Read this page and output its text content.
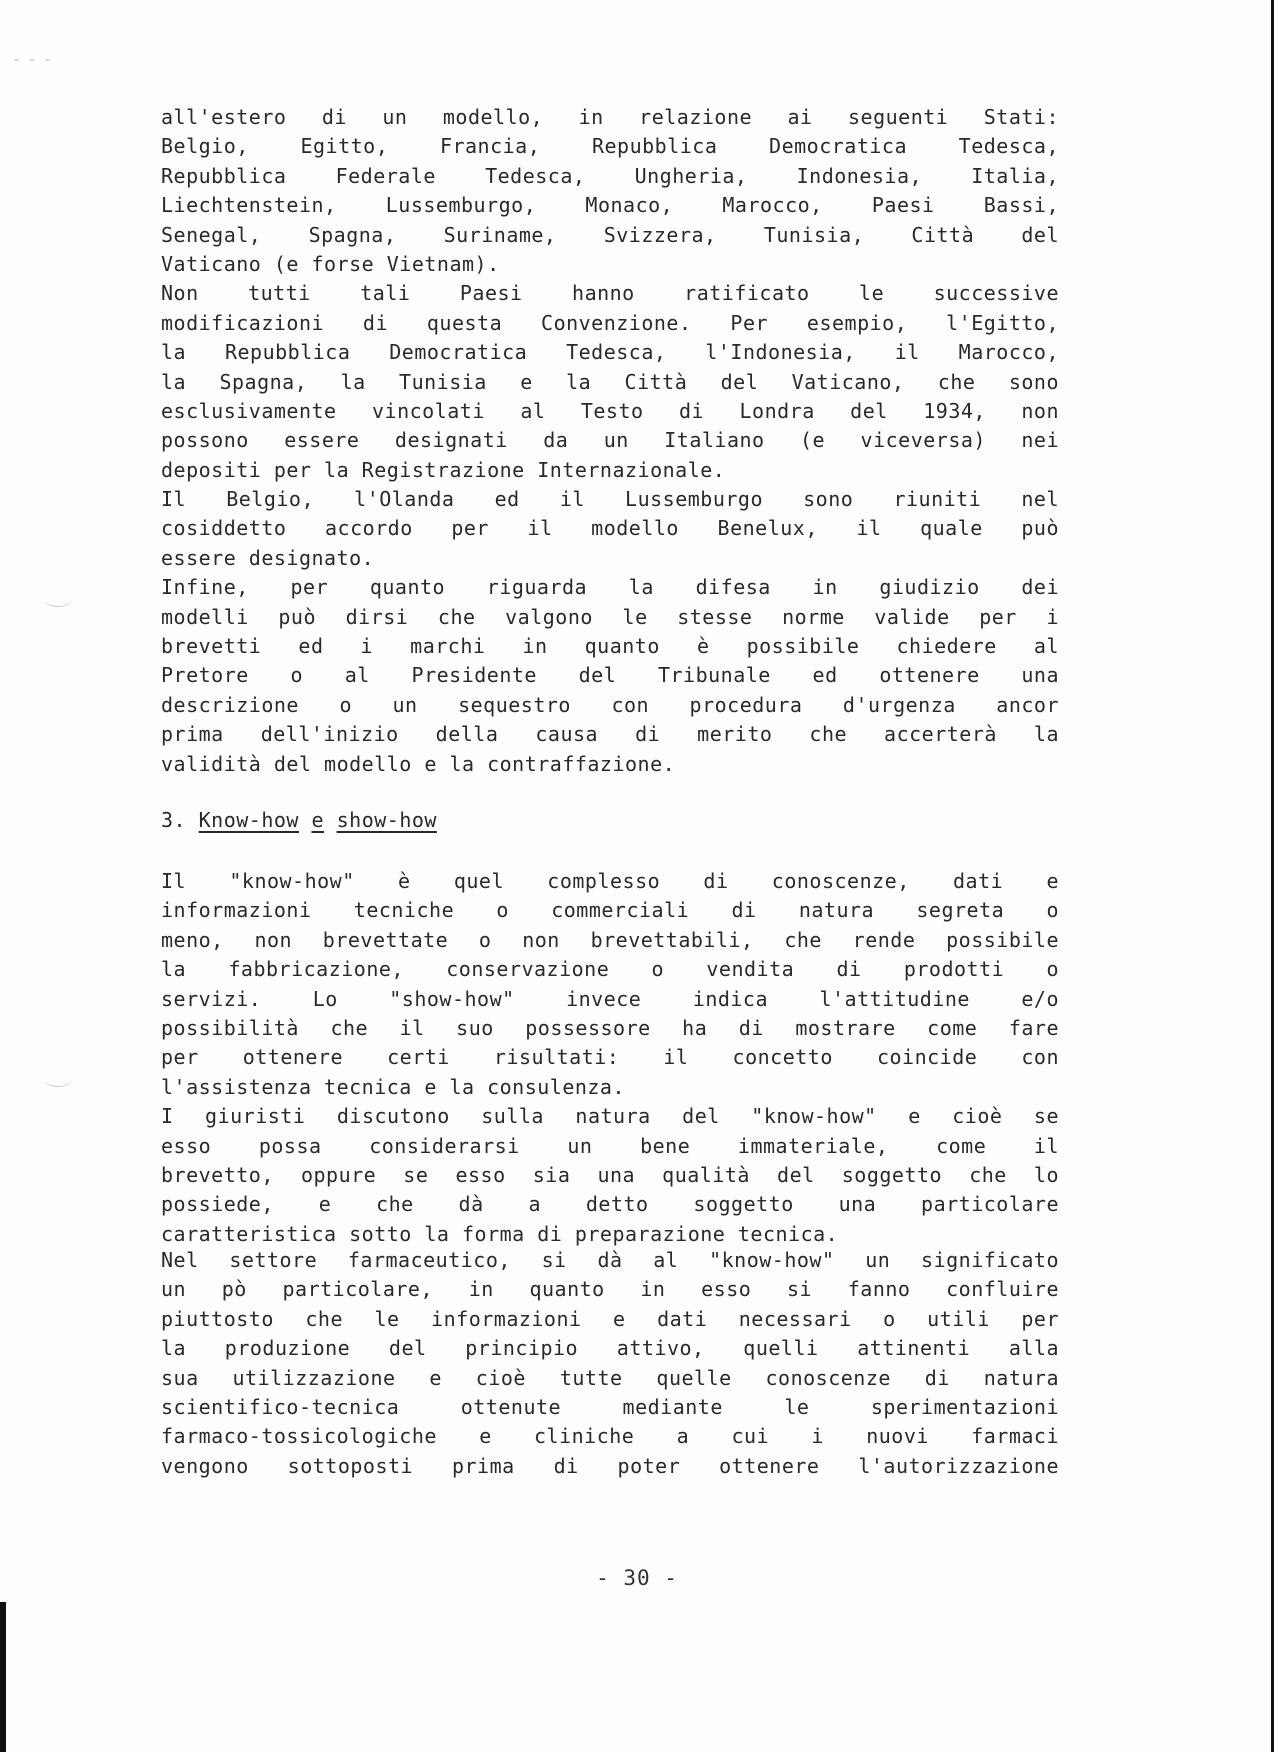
- - -
all'estero di un modello, in relazione ai seguenti Stati:
Belgio, Egitto, Francia, Repubblica Democratica Tedesca,
Repubblica Federale Tedesca, Ungheria, Indonesia, Italia,
Liechtenstein, Lussemburgo, Monaco, Marocco, Paesi Bassi,
Senegal, Spagna, Suriname, Svizzera, Tunisia, Città del
Vaticano (e forse Vietnam).
Non tutti tali Paesi hanno ratificato le successive
modificazioni di questa Convenzione. Per esempio, l'Egitto,
la Repubblica Democratica Tedesca, l'Indonesia, il Marocco,
la Spagna, la Tunisia e la Città del Vaticano, che sono
esclusivamente vincolati al Testo di Londra del 1934, non
possono essere designati da un Italiano (e viceversa) nei
depositi per la Registrazione Internazionale.
Il Belgio, l'Olanda ed il Lussemburgo sono riuniti nel
cosiddetto accordo per il modello Benelux, il quale può
essere designato.
Infine, per quanto riguarda la difesa in giudizio dei
modelli può dirsi che valgono le stesse norme valide per i
brevetti ed i marchi in quanto è possibile chiedere al
Pretore o al Presidente del Tribunale ed ottenere una
descrizione o un sequestro con procedura d'urgenza ancor
prima dell'inizio della causa di merito che accerterà la
validità del modello e la contraffazione.
3. Know-how e show-how
Il "know-how" è quel complesso di conoscenze, dati e
informazioni tecniche o commerciali di natura segreta o
meno, non brevettate o non brevettabili, che rende possibile
la fabbricazione, conservazione o vendita di prodotti o
servizi. Lo "show-how" invece indica l'attitudine e/o
possibilità che il suo possessore ha di mostrare come fare
per ottenere certi risultati: il concetto coincide con
l'assistenza tecnica e la consulenza.
I giuristi discutono sulla natura del "know-how" e cioè se
esso possa considerarsi un bene immateriale, come il
brevetto, oppure se esso sia una qualità del soggetto che lo
possiede, e che dà a detto soggetto una particolare
caratteristica sotto la forma di preparazione tecnica.
Nel settore farmaceutico, si dà al "know-how" un significato
un pò particolare, in quanto in esso si fanno confluire
piuttosto che le informazioni e dati necessari o utili per
la produzione del principio attivo, quelli attinenti alla
sua utilizzazione e cioè tutte quelle conoscenze di natura
scientifico-tecnica ottenute mediante le sperimentazioni
farmaco-tossicologiche e cliniche a cui i nuovi farmaci
vengono sottoposti prima di poter ottenere l'autorizzazione
- 30 -
